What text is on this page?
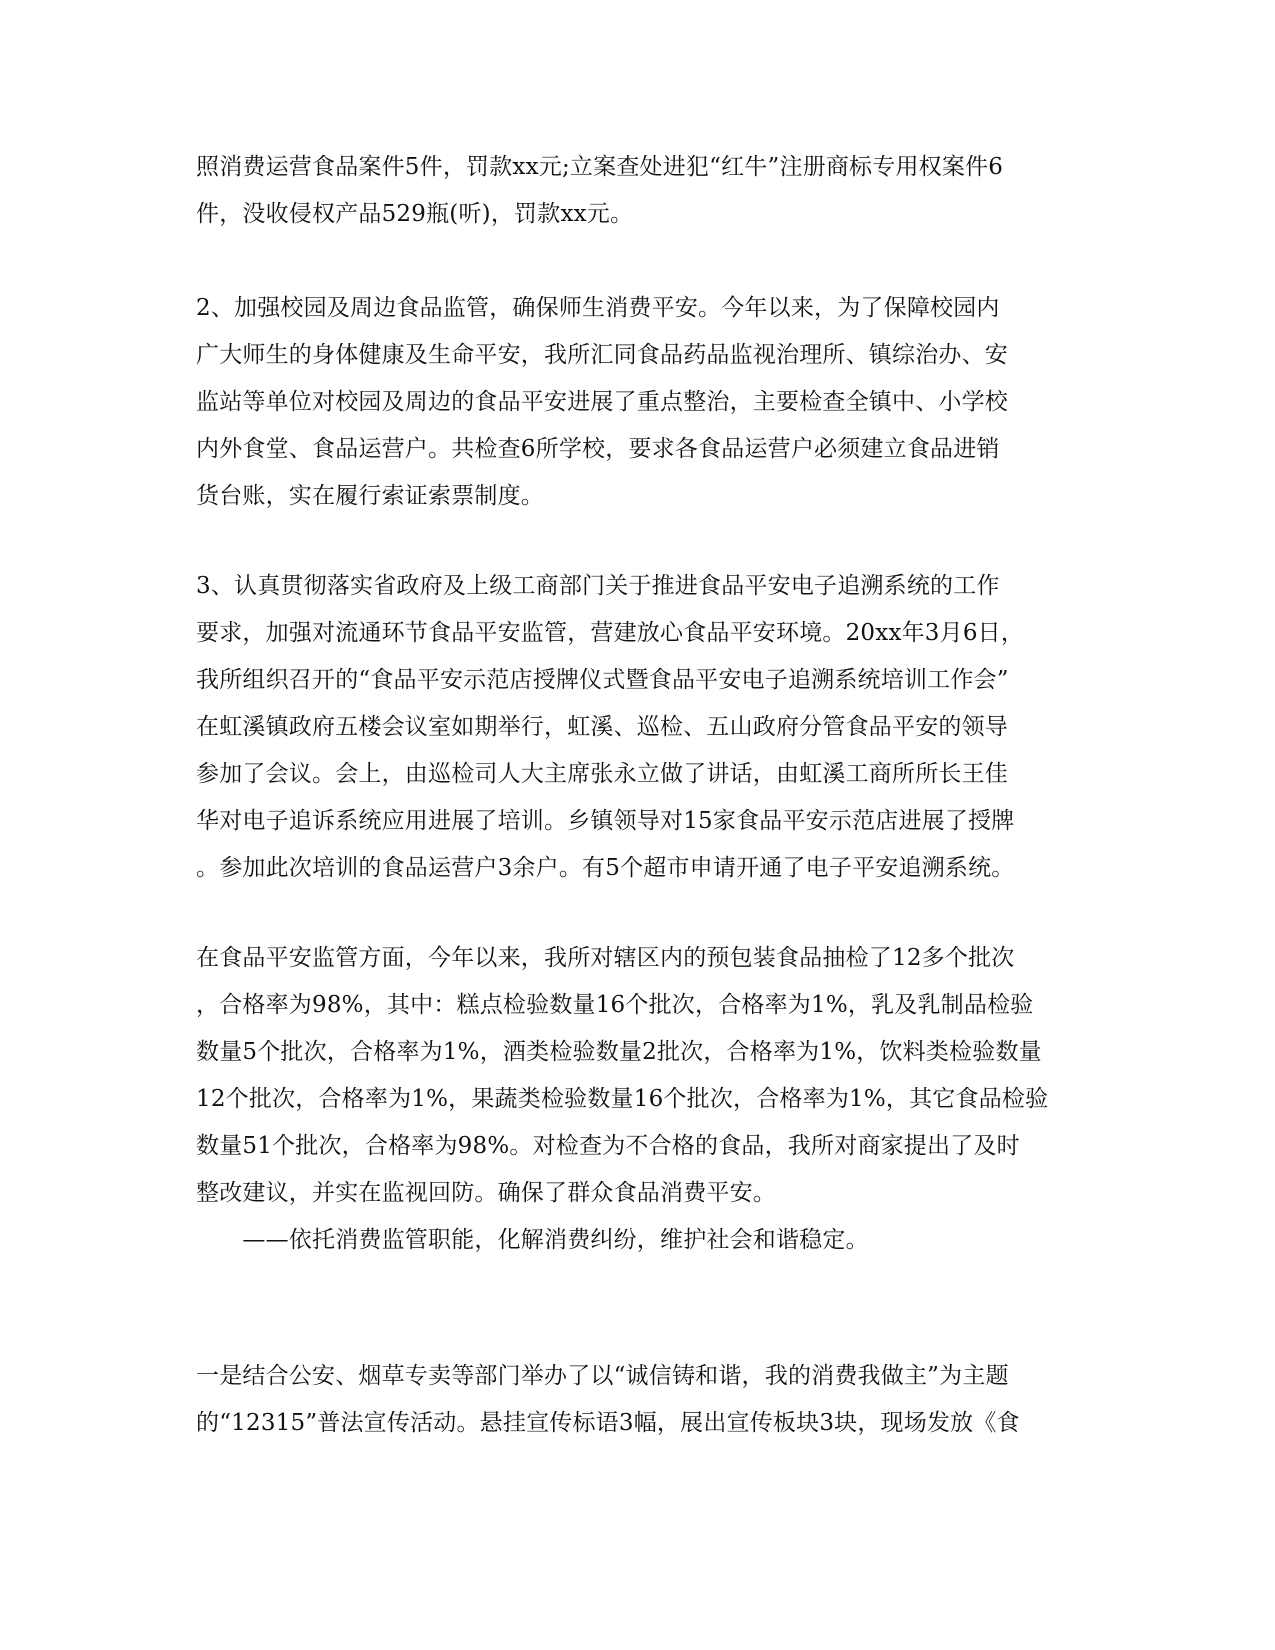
照消费运营食品案件5件，罚款xx元;立案查处进犯“红牛”注册商标专用权案件6
件，没收侵权产品529瓶(听)，罚款xx元。
2、加强校园及周边食品监管，确保师生消费平安。今年以来，为了保障校园内
广大师生的身体健康及生命平安，我所汇同食品药品监视治理所、镇综治办、安
监站等单位对校园及周边的食品平安进展了重点整治，主要检查全镇中、小学校
内外食堂、食品运营户。共检查6所学校，要求各食品运营户必须建立食品进销
货台账，实在履行索证索票制度。
3、认真贯彻落实省政府及上级工商部门关于推进食品平安电子追溯系统的工作
要求，加强对流通环节食品平安监管，营建放心食品平安环境。20xx年3月6日，
我所组织召开的“食品平安示范店授牌仪式暨食品平安电子追溯系统培训工作会”
在虹溪镇政府五楼会议室如期举行，虹溪、巡检、五山政府分管食品平安的领导
参加了会议。会上，由巡检司人大主席张永立做了讲话，由虹溪工商所所长王佳
华对电子追诉系统应用进展了培训。乡镇领导对15家食品平安示范店进展了授牌
。参加此次培训的食品运营户3余户。有5个超市申请开通了电子平安追溯系统。
在食品平安监管方面，今年以来，我所对辖区内的预包装食品抽检了12多个批次
，合格率为98%，其中：糕点检验数量16个批次，合格率为1%，乳及乳制品检验
数量5个批次，合格率为1%，酒类检验数量2批次，合格率为1%，饮料类检验数量
12个批次，合格率为1%，果蔬类检验数量16个批次，合格率为1%，其它食品检验
数量51个批次，合格率为98%。对检查为不合格的食品，我所对商家提出了及时
整改建议，并实在监视回防。确保了群众食品消费平安。
　　——依托消费监管职能，化解消费纠纷，维护社会和谐稳定。
一是结合公安、烟草专卖等部门举办了以“诚信铸和谐，我的消费我做主”为主题
的“12315”普法宣传活动。悬挂宣传标语3幅，展出宣传板块3块，现场发放《食
